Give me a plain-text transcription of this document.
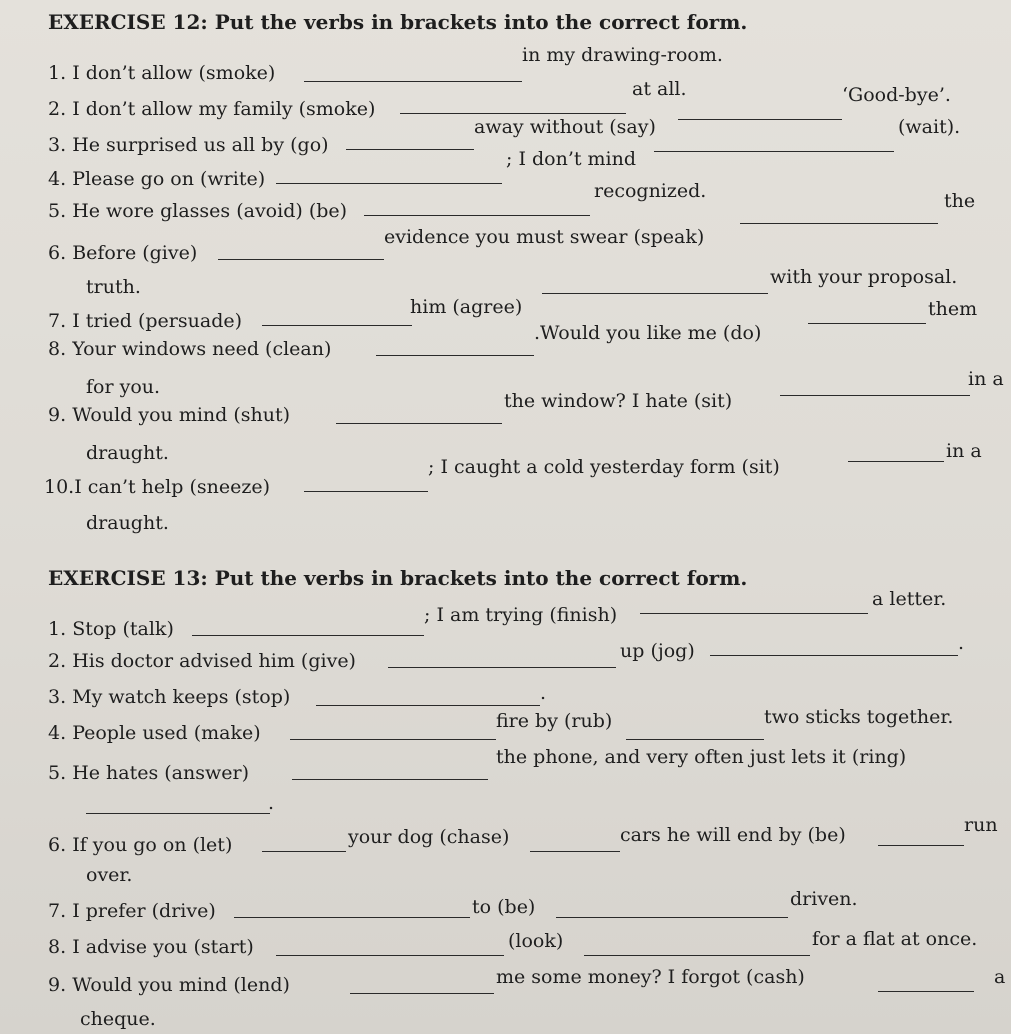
EXERCISE 12: Put the verbs in brackets into the correct form.
1. I don’t allow (smoke)
in my drawing-room.
2. I don’t allow my family (smoke)
at all.
3. He surprised us all by (go)
away without (say)
‘Good-bye’.
4. Please go on (write)
; I don’t mind
(wait).
5. He wore glasses (avoid) (be)
recognized.
6. Before (give)
evidence you must swear (speak)
the
truth.
7. I tried (persuade)
him (agree)
with your proposal.
8. Your windows need (clean)
.Would you like me (do)
them
for you.
9. Would you mind (shut)
the window? I hate (sit)
in a
draught.
10.I can’t help (sneeze)
; I caught a cold yesterday form (sit)
in a
draught.
EXERCISE 13: Put the verbs in brackets into the correct form.
1. Stop (talk)
; I am trying (finish)
a letter.
2. His doctor advised him (give)	up (jog)	.
3. My watch keeps (stop)	.
4. People used (make)
fire by (rub)	two sticks together.
5. He hates (answer)
the phone, and very often just lets it (ring)
.
6. If you go on (let)	your dog (chase)	cars he will end by (be)	run
over.
7. I prefer (drive)	to (be)	driven.
8. I advise you (start)	(look)	for a flat at once.
9. Would you mind (lend)	me some money? I forgot (cash)	a
cheque.
